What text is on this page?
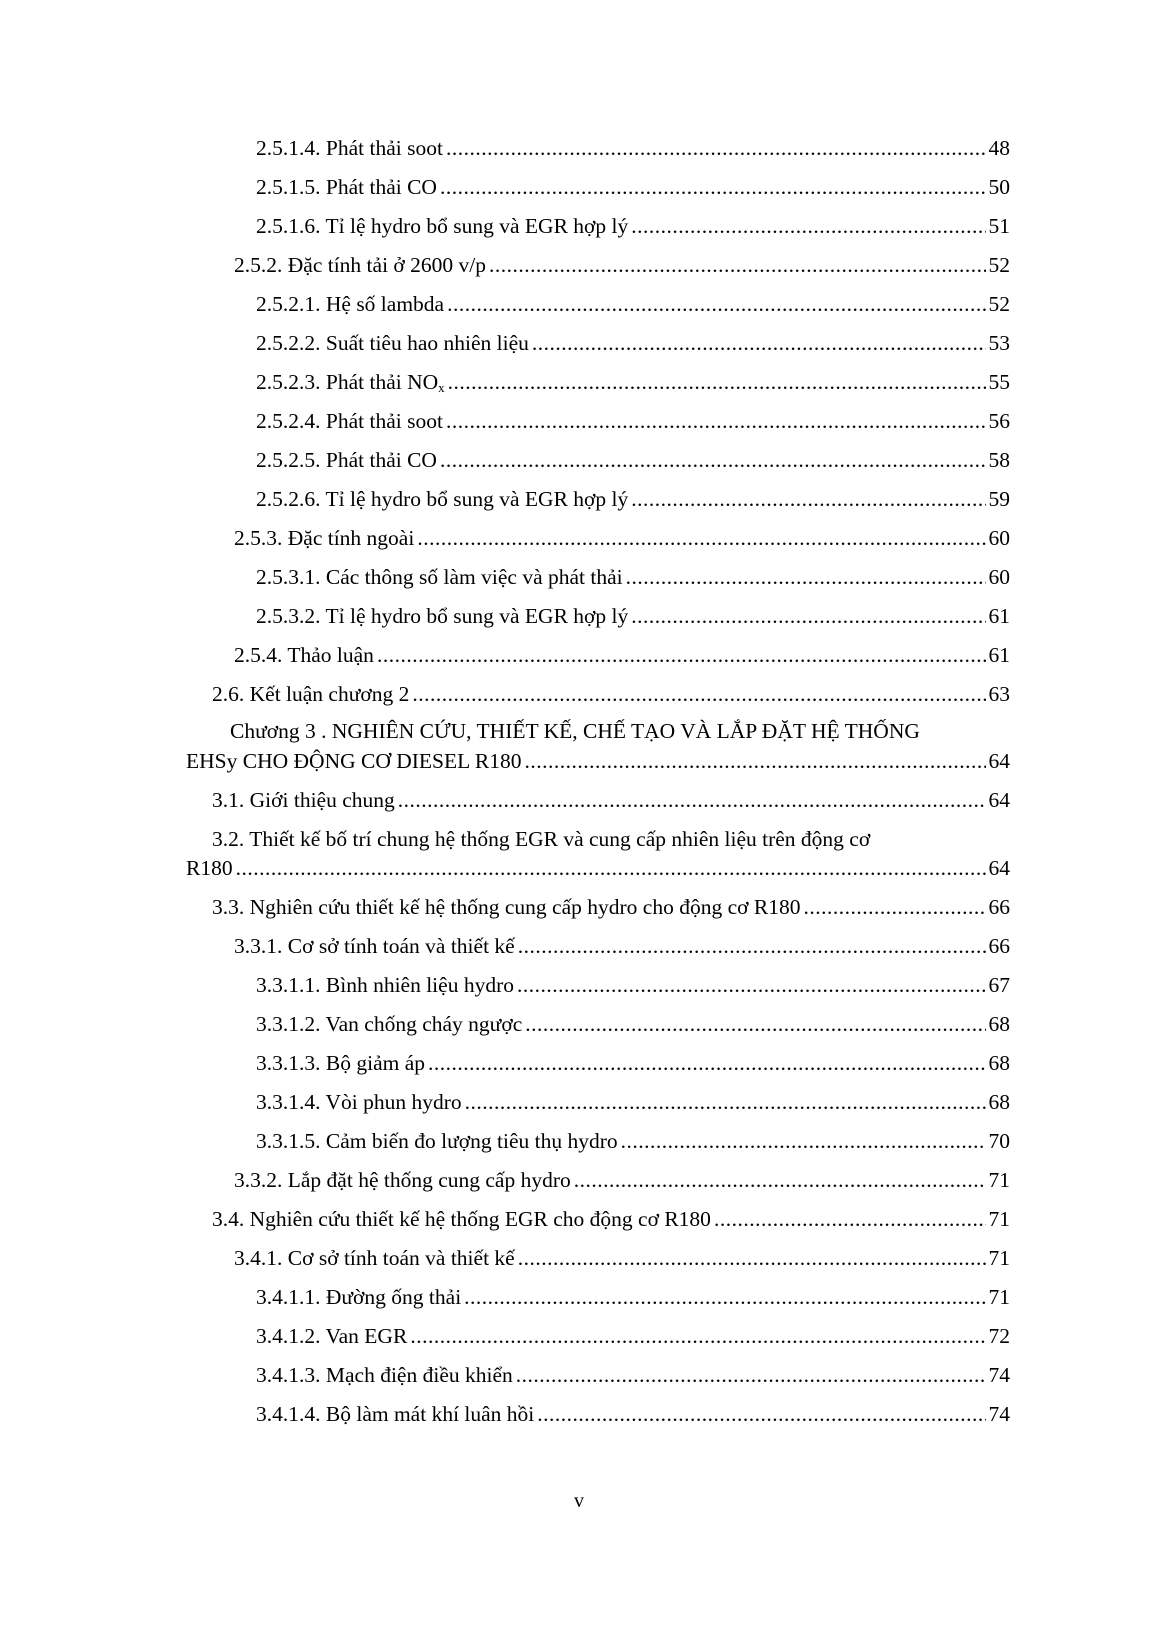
2.5.1.4. Phát thải soot .....	48
2.5.1.5. Phát thải CO .....	50
2.5.1.6. Tỉ lệ hydro bổ sung và EGR hợp lý .....	51
2.5.2. Đặc tính tải ở 2600 v/p .....	52
2.5.2.1. Hệ số lambda .....	52
2.5.2.2. Suất tiêu hao nhiên liệu .....	53
2.5.2.3. Phát thải $NO_x$ .....	55
2.5.2.4. Phát thải soot .....	56
2.5.2.5. Phát thải CO .....	58
2.5.2.6. Tỉ lệ hydro bổ sung và EGR hợp lý .....	59
2.5.3. Đặc tính ngoài .....	60
2.5.3.1. Các thông số làm việc và phát thải .....	60
2.5.3.2. Tỉ lệ hydro bổ sung và EGR hợp lý .....	61
2.5.4. Thảo luận .....	61
2.6. Kết luận chương 2 .....	63
Chương 3 . NGHIÊN CỨU, THIẾT KẾ, CHẾ TẠO VÀ LẮP ĐẶT HỆ THỐNG
EHSy CHO ĐỘNG CƠ DIESEL R180 .....	64
3.1. Giới thiệu chung .....	64
3.2. Thiết kế bố trí chung hệ thống EGR và cung cấp nhiên liệu trên động cơ
R180 .....	64
3.3. Nghiên cứu thiết kế hệ thống cung cấp hydro cho động cơ R180 .....	66
3.3.1. Cơ sở tính toán và thiết kế .....	66
3.3.1.1. Bình nhiên liệu hydro .....	67
3.3.1.2. Van chống cháy ngược .....	68
3.3.1.3. Bộ giảm áp .....	68
3.3.1.4. Vòi phun hydro .....	68
3.3.1.5. Cảm biến đo lượng tiêu thụ hydro .....	70
3.3.2. Lắp đặt hệ thống cung cấp hydro .....	71
3.4. Nghiên cứu thiết kế hệ thống EGR cho động cơ R180 .....	71
3.4.1. Cơ sở tính toán và thiết kế .....	71
3.4.1.1. Đường ống thải .....	71
3.4.1.2. Van EGR .....	72
3.4.1.3. Mạch điện điều khiển .....	74
3.4.1.4. Bộ làm mát khí luân hồi .....	74
v
